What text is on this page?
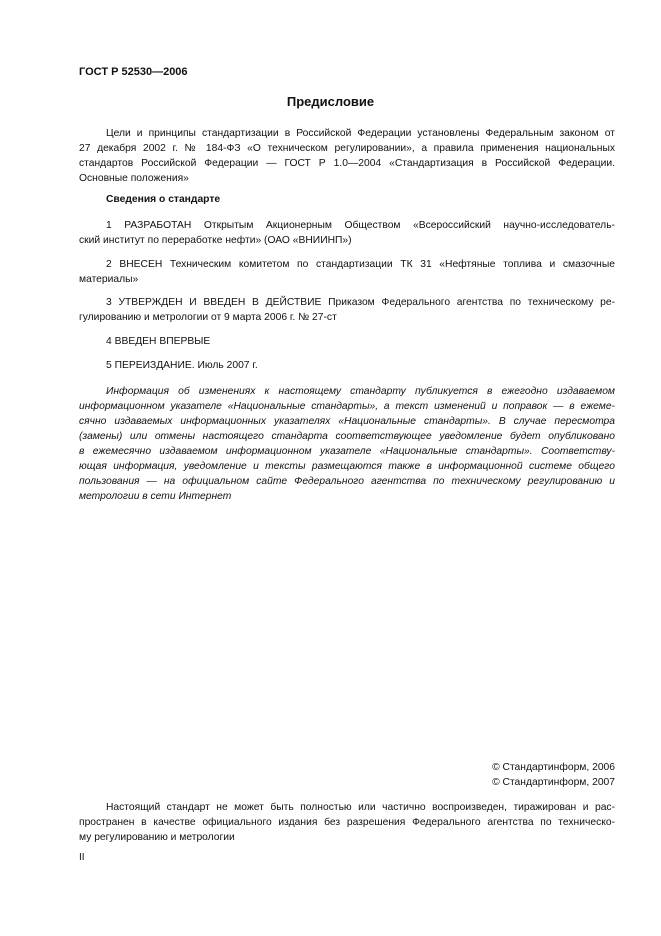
ГОСТ Р 52530—2006
Предисловие
Цели и принципы стандартизации в Российской Федерации установлены Федеральным законом от
27 декабря 2002 г. № 184-ФЗ «О техническом регулировании», а правила применения национальных
стандартов Российской Федерации — ГОСТ Р 1.0—2004 «Стандартизация в Российской Федерации.
Основные положения»
Сведения о стандарте
1 РАЗРАБОТАН Открытым Акционерным Обществом «Всероссийский научно-исследователь-
ский институт по переработке нефти» (ОАО «ВНИИНП»)
2 ВНЕСЕН Техническим комитетом по стандартизации ТК 31 «Нефтяные топлива и смазочные
материалы»
3 УТВЕРЖДЕН И ВВЕДЕН В ДЕЙСТВИЕ Приказом Федерального агентства по техническому ре-
гулированию и метрологии от 9 марта 2006 г. № 27-ст
4 ВВЕДЕН ВПЕРВЫЕ
5 ПЕРЕИЗДАНИЕ. Июль 2007 г.
Информация об изменениях к настоящему стандарту публикуется в ежегодно издаваемом
информационном указателе «Национальные стандарты», а текст изменений и поправок — в ежеме-
сячно издаваемых информационных указателях «Национальные стандарты». В случае пересмотра
(замены) или отмены настоящего стандарта соответствующее уведомление будет опубликовано
в ежемесячно издаваемом информационном указателе «Национальные стандарты». Соответству-
ющая информация, уведомление и тексты размещаются также в информационной системе общего
пользования — на официальном сайте Федерального агентства по техническому регулированию и
метрологии в сети Интернет
© Стандартинформ, 2006
© Стандартинформ, 2007
Настоящий стандарт не может быть полностью или частично воспроизведен, тиражирован и рас-
пространен в качестве официального издания без разрешения Федерального агентства по техническо-
му регулированию и метрологии
II
